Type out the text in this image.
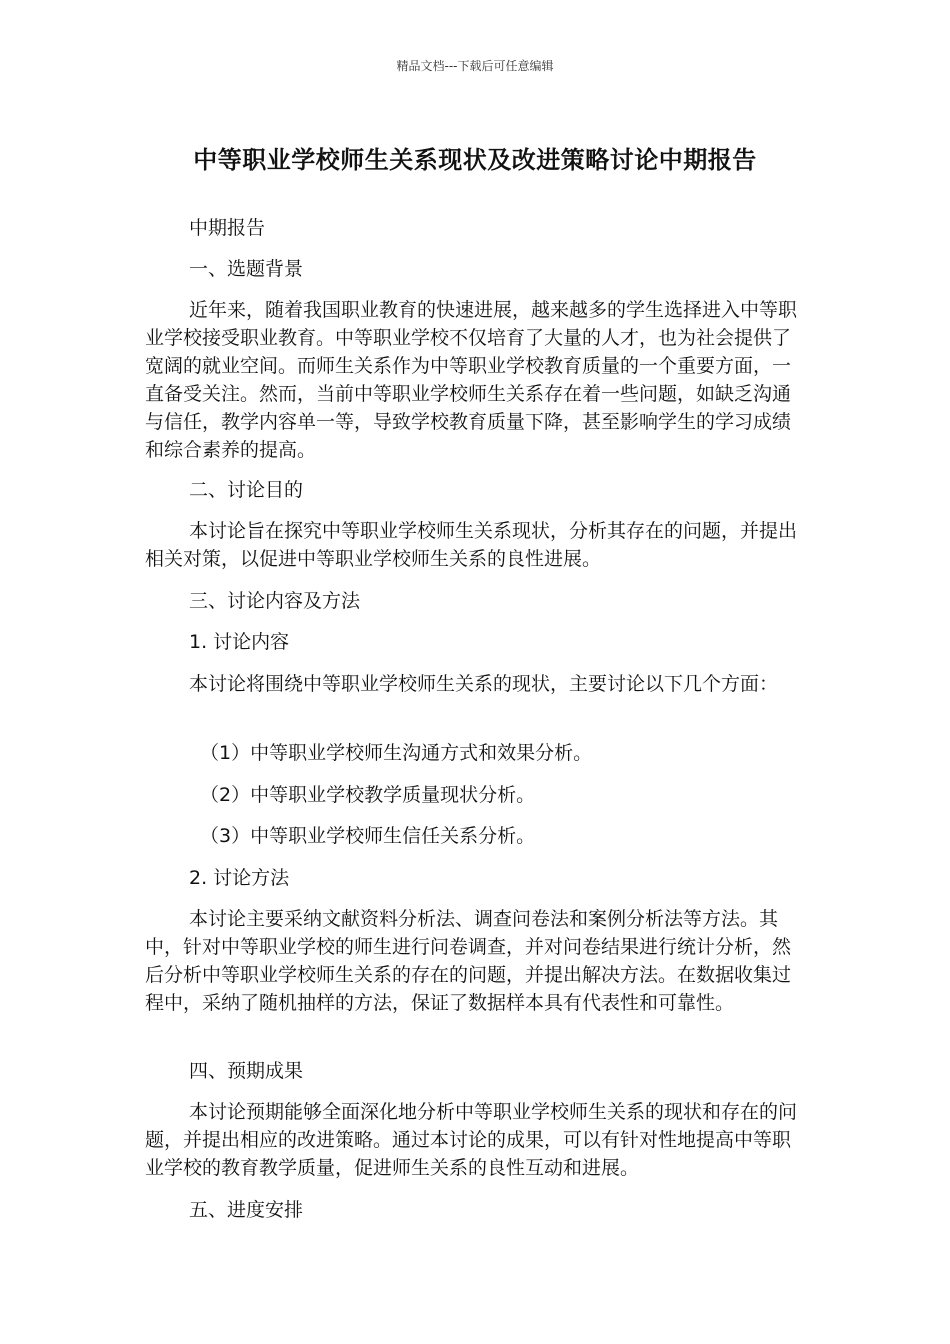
精品文档---下载后可任意编辑
中等职业学校师生关系现状及改进策略讨论中期报告

中期报告

一、选题背景

近年来，随着我国职业教育的快速进展，越来越多的学生选择进入中等职业学校接受职业教育。中等职业学校不仅培育了大量的人才，也为社会提供了宽阔的就业空间。而师生关系作为中等职业学校教育质量的一个重要方面，一直备受关注。然而，当前中等职业学校师生关系存在着一些问题，如缺乏沟通与信任，教学内容单一等，导致学校教育质量下降，甚至影响学生的学习成绩和综合素养的提高。

二、讨论目的

本讨论旨在探究中等职业学校师生关系现状，分析其存在的问题，并提出相关对策，以促进中等职业学校师生关系的良性进展。

三、讨论内容及方法

1. 讨论内容

本讨论将围绕中等职业学校师生关系的现状，主要讨论以下几个方面：

（1）中等职业学校师生沟通方式和效果分析。

（2）中等职业学校教学质量现状分析。

（3）中等职业学校师生信任关系分析。

2. 讨论方法

本讨论主要采纳文献资料分析法、调查问卷法和案例分析法等方法。其中，针对中等职业学校的师生进行问卷调查，并对问卷结果进行统计分析，然后分析中等职业学校师生关系的存在的问题，并提出解决方法。在数据收集过程中，采纳了随机抽样的方法，保证了数据样本具有代表性和可靠性。

四、预期成果

本讨论预期能够全面深化地分析中等职业学校师生关系的现状和存在的问题，并提出相应的改进策略。通过本讨论的成果，可以有针对性地提高中等职业学校的教育教学质量，促进师生关系的良性互动和进展。

五、进度安排
